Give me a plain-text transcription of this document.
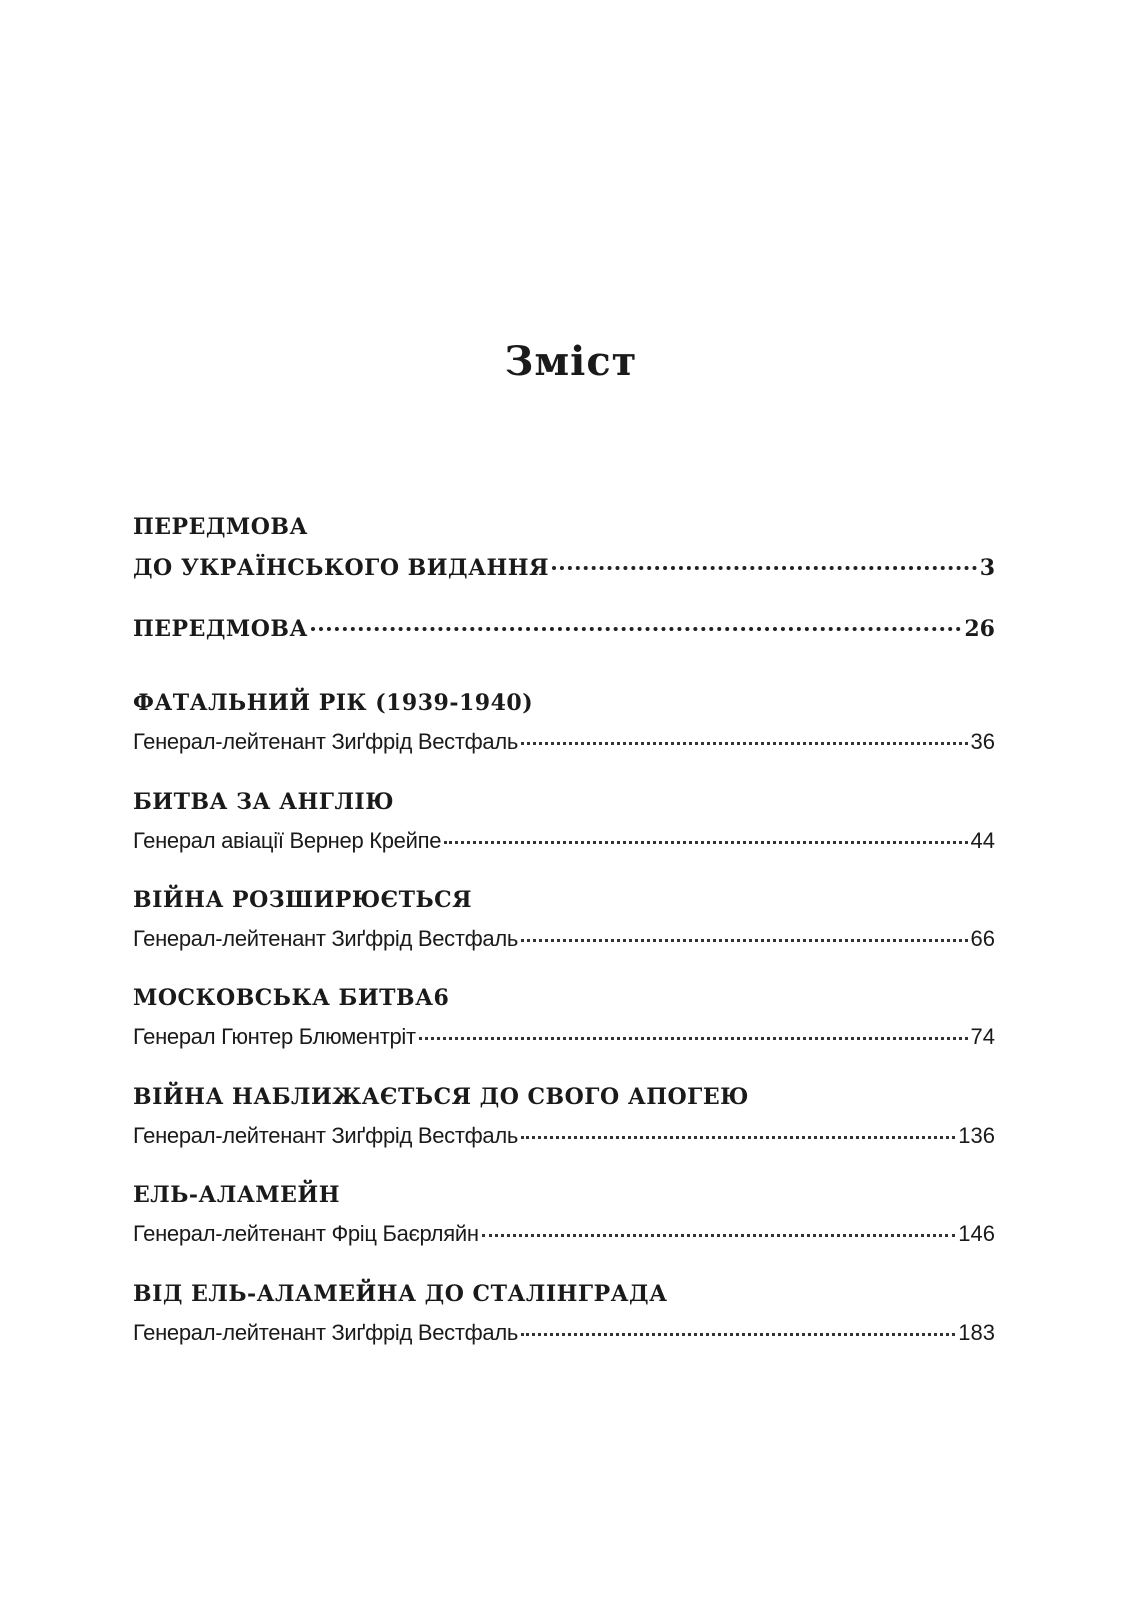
Зміст
ПЕРЕДМОВА
ДО УКРАЇНСЬКОГО ВИДАННЯ	3
ПЕРЕДМОВА	26
ФАТАЛЬНИЙ РІК (1939-1940)
Генерал-лейтенант Зиґфрід Вестфаль	36
БИТВА ЗА АНГЛІЮ
Генерал авіації Вернер Крейпе	44
ВІЙНА РОЗШИРЮЄТЬСЯ
Генерал-лейтенант Зиґфрід Вестфаль	66
МОСКОВСЬКА БИТВА6
Генерал Гюнтер Блюментріт	74
ВІЙНА НАБЛИЖАЄТЬСЯ ДО СВОГО АПОГЕЮ
Генерал-лейтенант Зиґфрід Вестфаль	136
ЕЛЬ-АЛАМЕЙН
Генерал-лейтенант Фріц Баєрляйн	146
ВІД ЕЛЬ-АЛАМЕЙНА ДО СТАЛІНГРАДА
Генерал-лейтенант Зиґфрід Вестфаль	183
